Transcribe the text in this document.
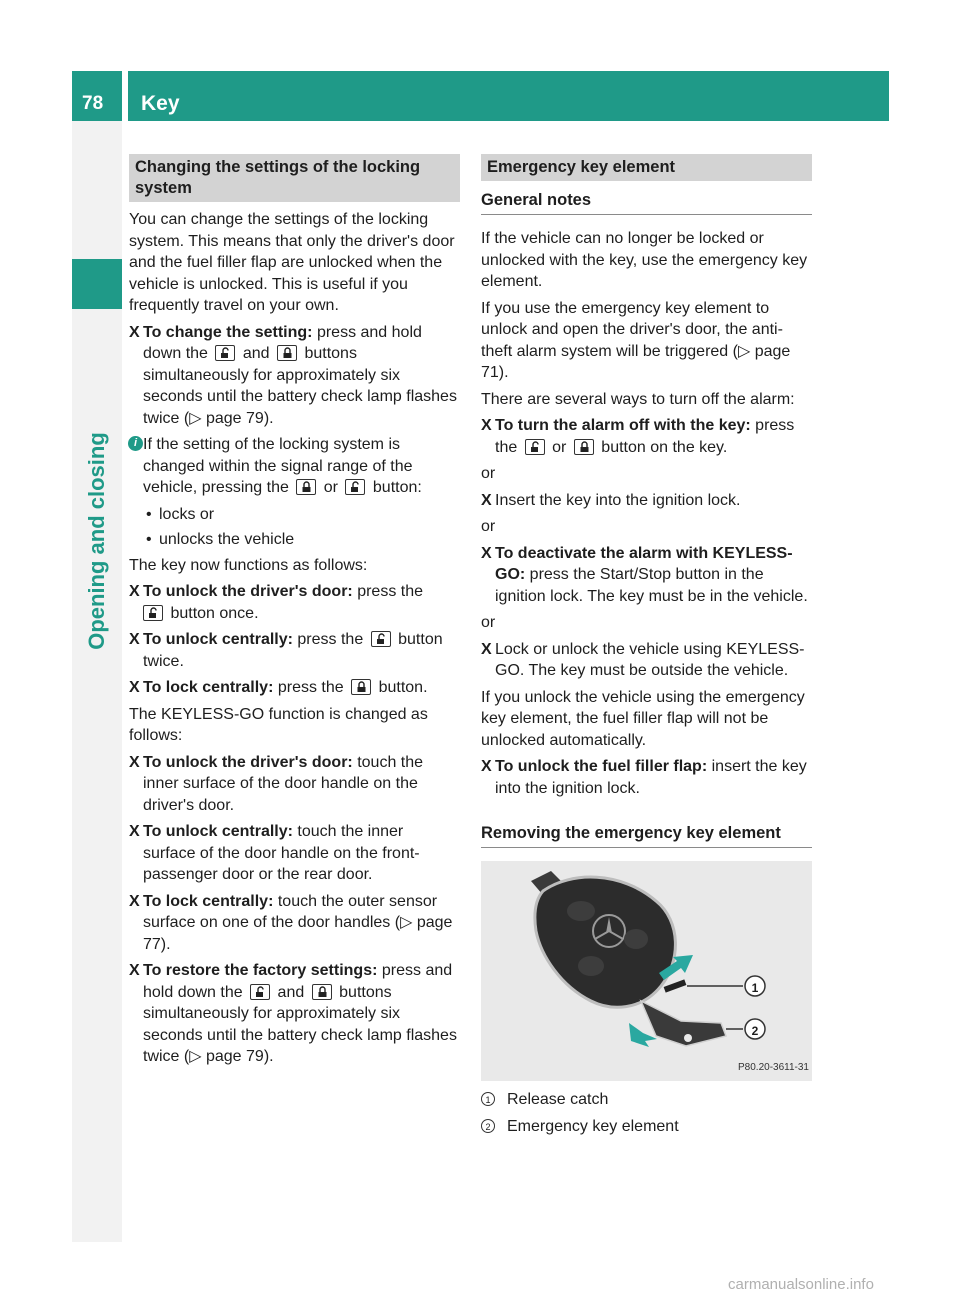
78 Key
Opening and closing
Changing the settings of the locking system

You can change the settings of the locking system. This means that only the driver's door and the fuel filler flap are unlocked when the vehicle is unlocked. This is useful if you frequently travel on your own.

X To change the setting: press and hold down the and buttons simultaneously for approximately six seconds until the battery check lamp flashes twice (▷ page 79).
i If the setting of the locking system is changed within the signal range of the vehicle, pressing the or button:
• locks or
• unlocks the vehicle

The key now functions as follows:

X To unlock the driver's door: press the

button once.
X To unlock centrally: press the button twice.
X To lock centrally: press the button.

The KEYLESS-GO function is changed as follows:

X To unlock the driver's door: touch the inner surface of the door handle on the driver's door.
X To unlock centrally: touch the inner surface of the door handle on the front-passenger door or the rear door.
X To lock centrally: touch the outer sensor surface on one of the door handles (▷ page 77).
X To restore the factory settings: press and hold down the and buttons simultaneously for approximately six seconds until the battery check lamp flashes twice (▷ page 79).
Emergency key element
General notes

If the vehicle can no longer be locked or unlocked with the key, use the emergency key element.

If you use the emergency key element to unlock and open the driver's door, the anti-theft alarm system will be triggered (▷ page 71).

There are several ways to turn off the alarm:

X To turn the alarm off with the key: press the or button on the key.

or

X Insert the key into the ignition lock.

or

X To deactivate the alarm with KEYLESS-GO: press the Start/Stop button in the ignition lock. The key must be in the vehicle.

or

X Lock or unlock the vehicle using KEYLESS-GO. The key must be outside the vehicle.

If you unlock the vehicle using the emergency key element, the fuel filler flap will not be unlocked automatically.

X To unlock the fuel filler flap: insert the key into the ignition lock.
Removing the emergency key element
1
2
P80.20-3611-31
1 Release catch
2 Emergency key element
carmanualsonline.info
